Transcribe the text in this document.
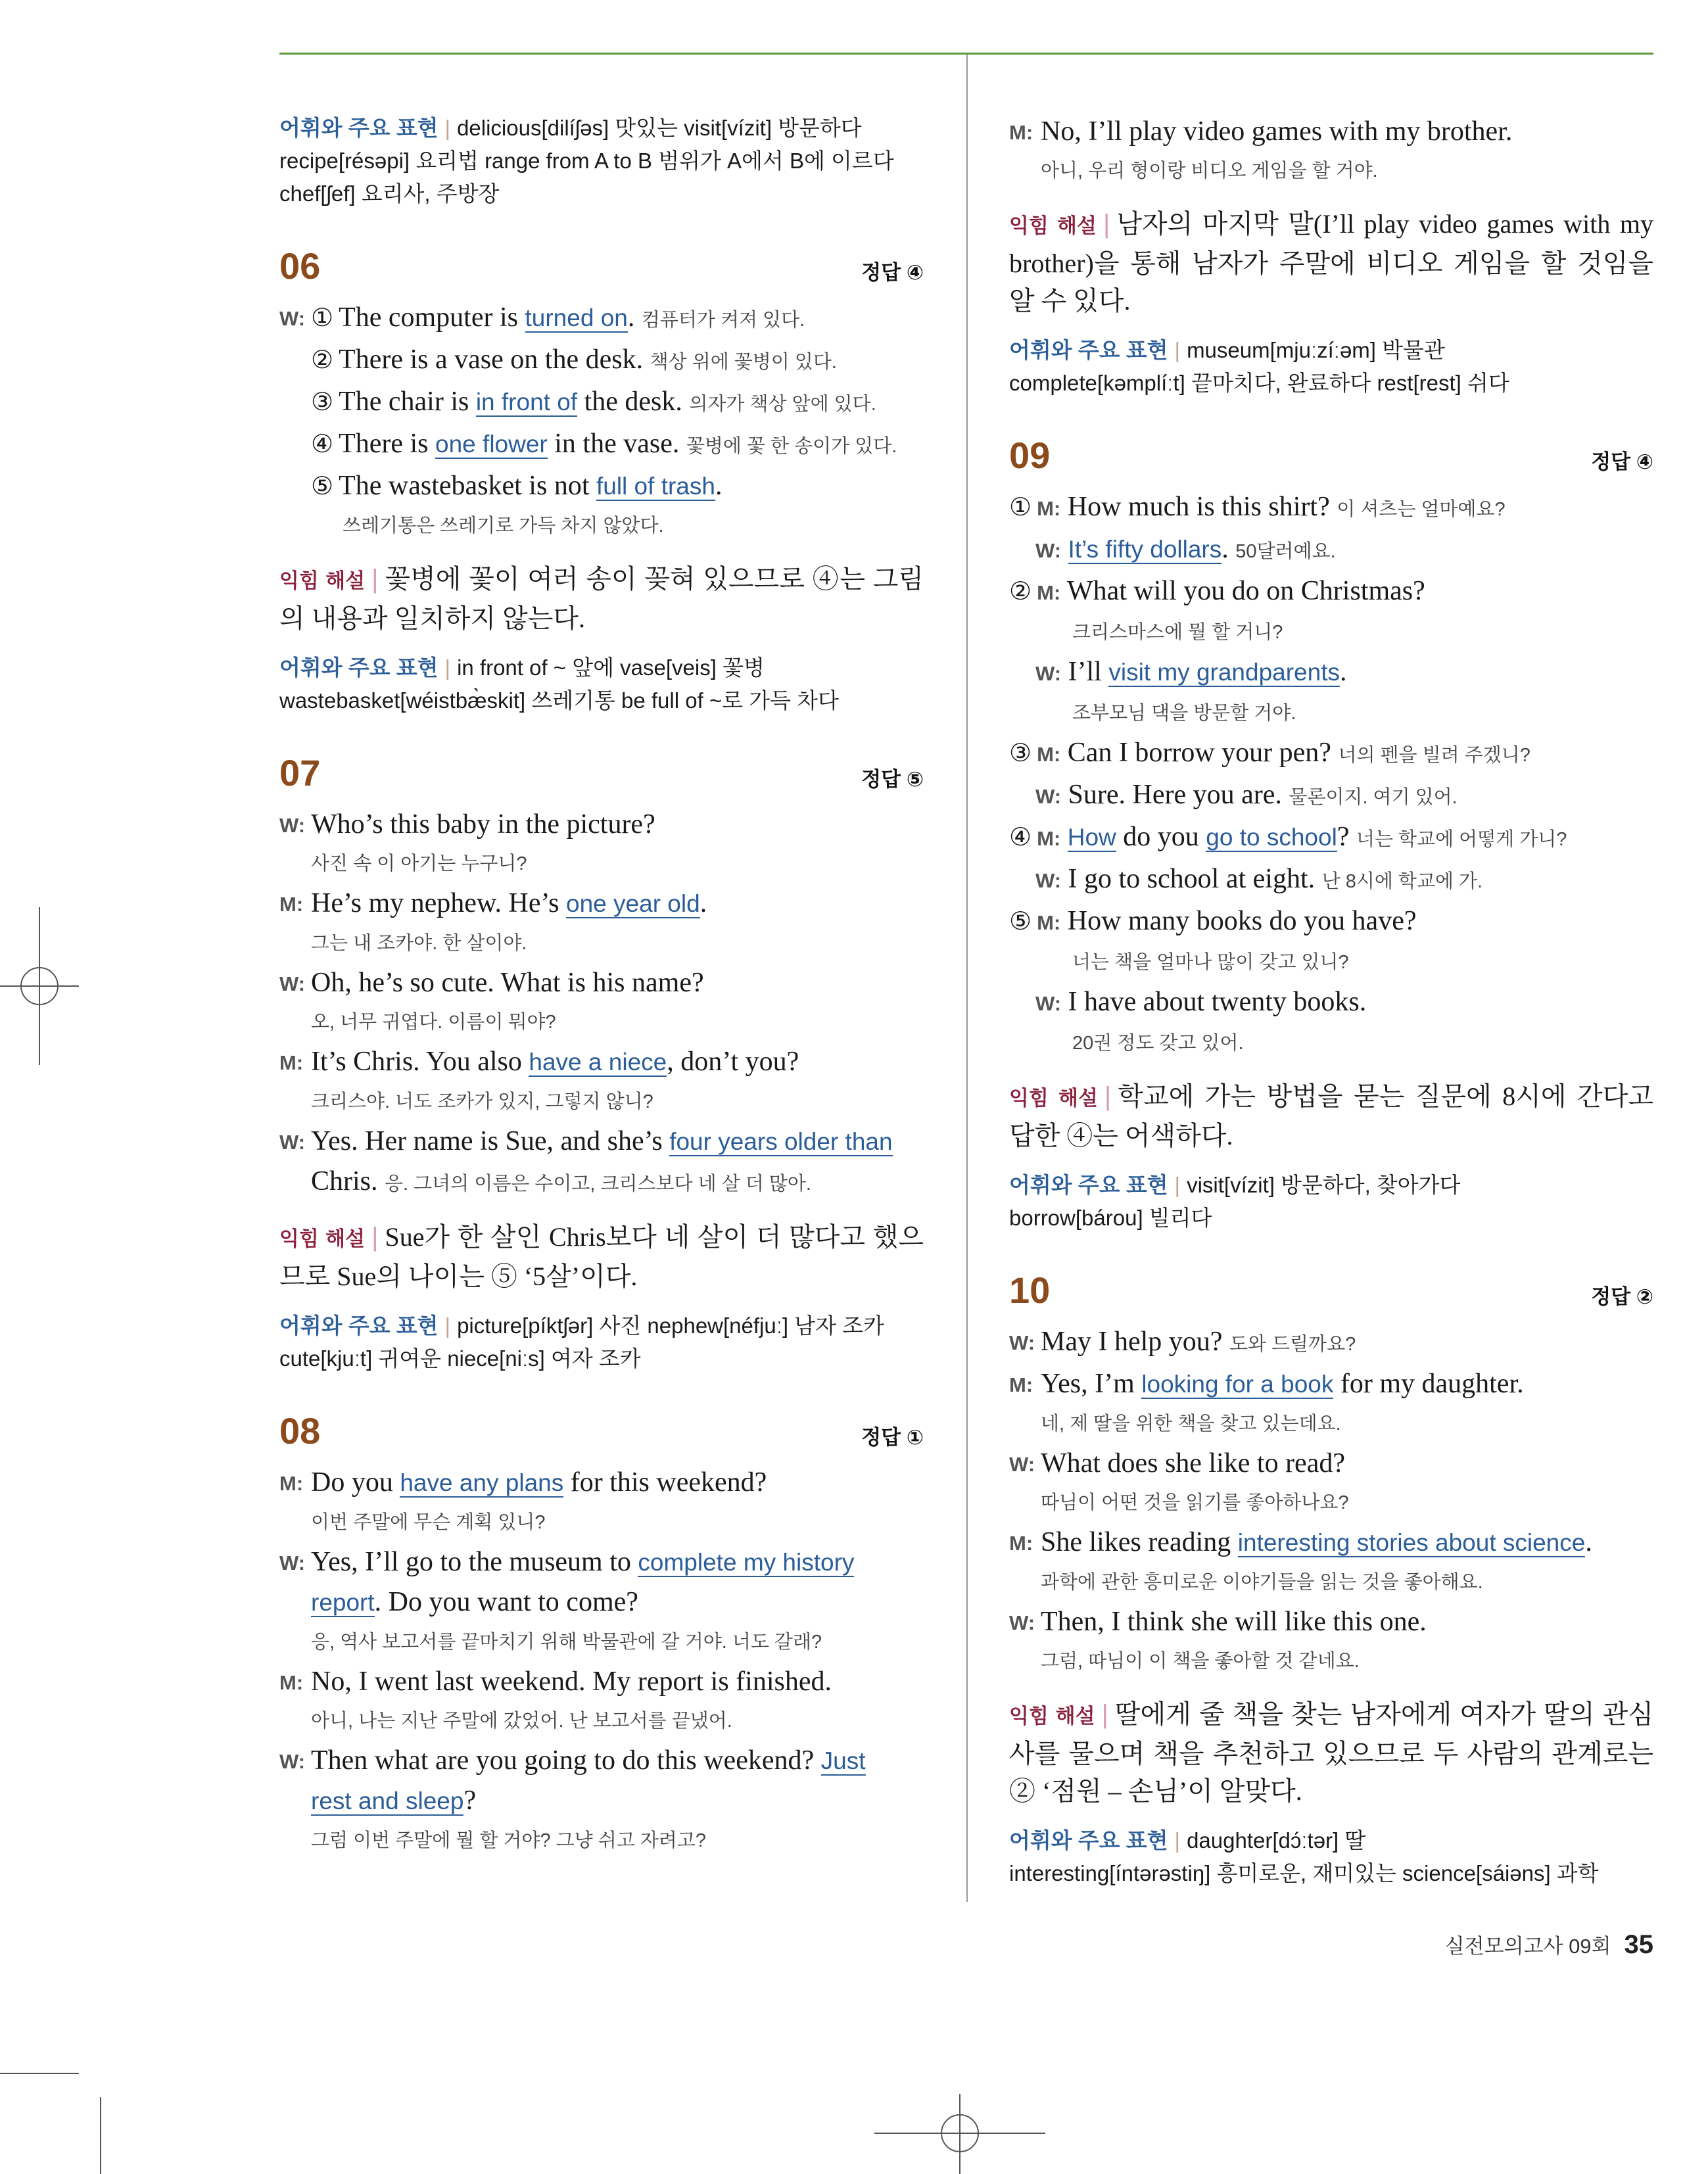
어휘와 주요 표현 | delicious[dilíʃəs] 맛있는 visit[vízit] 방문하다
recipe[résəpi] 요리법 range from A to B 범위가 A에서 B에 이르다
chef[ʃef] 요리사, 주방장
06	정답 ④
W: ① The computer is turned on. 컴퓨터가 켜져 있다.
② There is a vase on the desk. 책상 위에 꽃병이 있다.
③ The chair is in front of the desk. 의자가 책상 앞에 있다.
④ There is one flower in the vase. 꽃병에 꽃 한 송이가 있다.
⑤ The wastebasket is not full of trash.
쓰레기통은 쓰레기로 가득 차지 않았다.
익힘 해설 | 꽃병에 꽃이 여러 송이 꽂혀 있으므로 ④는 그림의 내용과 일치하지 않는다.
어휘와 주요 표현 | in front of ~ 앞에 vase[veis] 꽃병
wastebasket[wéistbæ̀skit] 쓰레기통 be full of ~로 가득 차다
07	정답 ⑤
W: Who’s this baby in the picture?
사진 속 이 아기는 누구니?
M: He’s my nephew. He’s one year old.
그는 내 조카야. 한 살이야.
W: Oh, he’s so cute. What is his name?
오, 너무 귀엽다. 이름이 뭐야?
M: It’s Chris. You also have a niece, don’t you?
크리스야. 너도 조카가 있지, 그렇지 않니?
W: Yes. Her name is Sue, and she’s four years older than
Chris. 응. 그녀의 이름은 수이고, 크리스보다 네 살 더 많아.
익힘 해설 | Sue가 한 살인 Chris보다 네 살이 더 많다고 했으므로 Sue의 나이는 ⑤ ‘5살’이다.
어휘와 주요 표현 | picture[píktʃər] 사진 nephew[néfjuː] 남자 조카
cute[kjuːt] 귀여운 niece[niːs] 여자 조카
08	정답 ①
M: Do you have any plans for this weekend?
이번 주말에 무슨 계획 있니?
W: Yes, I’ll go to the museum to complete my history
report. Do you want to come?
응, 역사 보고서를 끝마치기 위해 박물관에 갈 거야. 너도 갈래?
M: No, I went last weekend. My report is finished.
아니, 나는 지난 주말에 갔었어. 난 보고서를 끝냈어.
W: Then what are you going to do this weekend? Just
rest and sleep?
그럼 이번 주말에 뭘 할 거야? 그냥 쉬고 자려고?
M: No, I’ll play video games with my brother.
아니, 우리 형이랑 비디오 게임을 할 거야.
익힘 해설 | 남자의 마지막 말(I’ll play video games with my brother)을 통해 남자가 주말에 비디오 게임을 할 것임을 알 수 있다.
어휘와 주요 표현 | museum[mjuːzíːəm] 박물관
complete[kəmplíːt] 끝마치다, 완료하다 rest[rest] 쉬다
09	정답 ④
① M: How much is this shirt? 이 셔츠는 얼마예요?
W: It’s fifty dollars. 50달러예요.
② M: What will you do on Christmas?
크리스마스에 뭘 할 거니?
W: I’ll visit my grandparents.
조부모님 댁을 방문할 거야.
③ M: Can I borrow your pen? 너의 펜을 빌려 주겠니?
W: Sure. Here you are. 물론이지. 여기 있어.
④ M: How do you go to school? 너는 학교에 어떻게 가니?
W: I go to school at eight. 난 8시에 학교에 가.
⑤ M: How many books do you have?
너는 책을 얼마나 많이 갖고 있니?
W: I have about twenty books.
20권 정도 갖고 있어.
익힘 해설 | 학교에 가는 방법을 묻는 질문에 8시에 간다고 답한 ④는 어색하다.
어휘와 주요 표현 | visit[vízit] 방문하다, 찾아가다
borrow[bárou] 빌리다
10	정답 ②
W: May I help you? 도와 드릴까요?
M: Yes, I’m looking for a book for my daughter.
네, 제 딸을 위한 책을 찾고 있는데요.
W: What does she like to read?
따님이 어떤 것을 읽기를 좋아하나요?
M: She likes reading interesting stories about science.
과학에 관한 흥미로운 이야기들을 읽는 것을 좋아해요.
W: Then, I think she will like this one.
그럼, 따님이 이 책을 좋아할 것 같네요.
익힘 해설 | 딸에게 줄 책을 찾는 남자에게 여자가 딸의 관심사를 물으며 책을 추천하고 있으므로 두 사람의 관계로는 ② ‘점원 – 손님’이 알맞다.
어휘와 주요 표현 | daughter[dɔ́ːtər] 딸
interesting[íntərəstiŋ] 흥미로운, 재미있는 science[sáiəns] 과학
실전모의고사 09회 35
